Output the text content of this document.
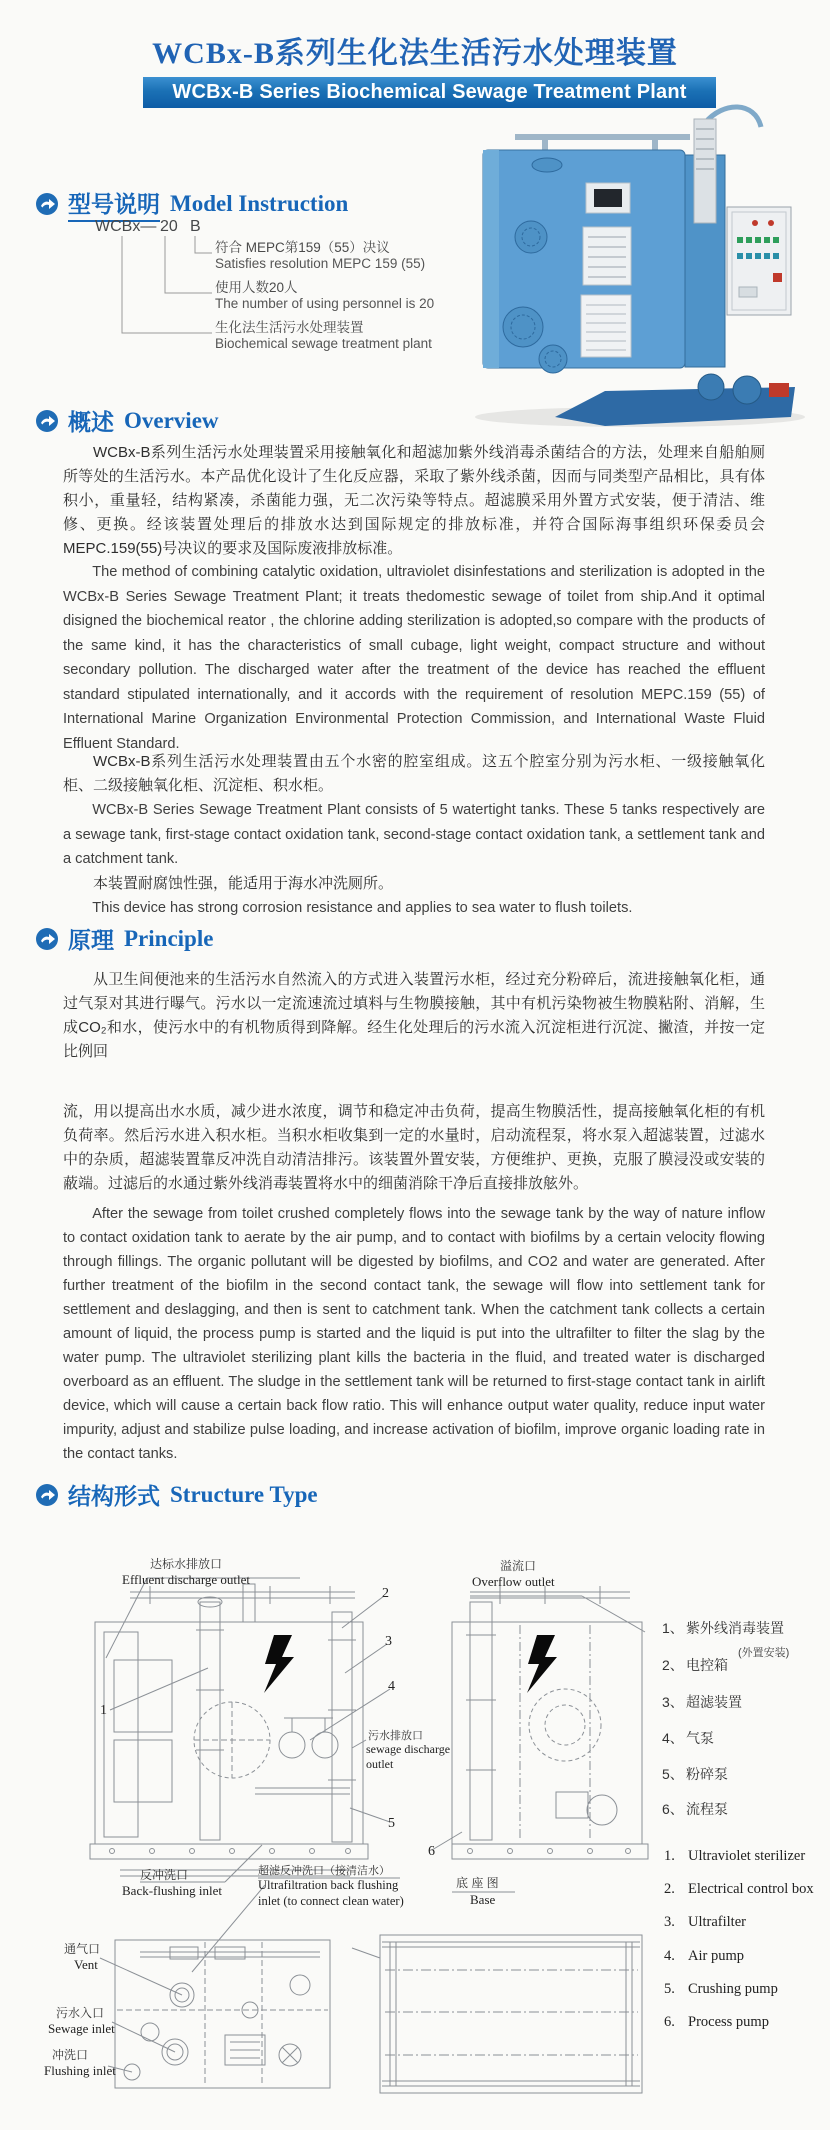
WCBx-B系列生化法生活污水处理装置
WCBx-B Series Biochemical Sewage Treatment Plant
型号说明 Model Instruction
WCBx— 20 B
符合 MEPC第159（55）决议
Satisfies resolution MEPC 159 (55)
使用人数20人
The number of using personnel is 20
生化法生活污水处理装置
Biochemical sewage treatment plant
概述 Overview

WCBx-B系列生活污水处理装置采用接触氧化和超滤加紫外线消毒杀菌结合的方法，处理来自船舶厕所等处的生活污水。本产品优化设计了生化反应器，采取了紫外线杀菌，因而与同类型产品相比，具有体积小，重量轻，结构紧凑，杀菌能力强，无二次污染等特点。超滤膜采用外置方式安装，便于清洁、维修、更换。经该装置处理后的排放水达到国际规定的排放标准，并符合国际海事组织环保委员会MEPC.159(55)号决议的要求及国际废液排放标准。

The method of combining catalytic oxidation, ultraviolet disinfestations and sterilization is adopted in the WCBx-B Series Sewage Treatment Plant; it treats thedomestic sewage of toilet from ship.And it optimal disigned the biochemical reator , the chlorine adding sterilization is adopted,so compare with the products of the same kind, it has the characteristics of small cubage, light weight, compact structure and without secondary pollution. The discharged water after the treatment of the device has reached the effluent standard stipulated internationally, and it accords with the requirement of resolution MEPC.159 (55) of International Marine Organization Environmental Protection Commission, and International Waste Fluid Effluent Standard.

WCBx-B系列生活污水处理装置由五个水密的腔室组成。这五个腔室分别为污水柜、一级接触氧化柜、二级接触氧化柜、沉淀柜、积水柜。

WCBx-B Series Sewage Treatment Plant consists of 5 watertight tanks. These 5 tanks respectively are a sewage tank, first-stage contact oxidation tank, second-stage contact oxidation tank, a settlement tank and a catchment tank.

本装置耐腐蚀性强，能适用于海水冲洗厕所。

This device has strong corrosion resistance and applies to sea water to flush toilets.

原理 Principle

从卫生间便池来的生活污水自然流入的方式进入装置污水柜，经过充分粉碎后，流进接触氧化柜，通过气泵对其进行曝气。污水以一定流速流过填料与生物膜接触，其中有机污染物被生物膜粘附、消解，生成CO₂和水，使污水中的有机物质得到降解。经生化处理后的污水流入沉淀柜进行沉淀、撇渣，并按一定比例回

流，用以提高出水水质，减少进水浓度，调节和稳定冲击负荷，提高生物膜活性，提高接触氧化柜的有机负荷率。然后污水进入积水柜。当积水柜收集到一定的水量时，启动流程泵，将水泵入超滤装置，过滤水中的杂质，超滤装置靠反冲洗自动清洁排污。该装置外置安装，方便维护、更换，克服了膜浸没或安装的蔽端。过滤后的水通过紫外线消毒装置将水中的细菌消除干净后直接排放舷外。

After the sewage from toilet crushed completely flows into the sewage tank by the way of nature inflow to contact oxidation tank to aerate by the air pump, and to contact with biofilms by a certain velocity flowing through fillings. The organic pollutant will be digested by biofilms, and CO2 and water are generated. After further treatment of the biofilm in the second contact tank, the sewage will flow into settlement tank for settlement and deslagging, and then is sent to catchment tank. When the catchment tank collects a certain amount of liquid, the process pump is started and the liquid is put into the ultrafilter to filter the slag by the water pump. The ultraviolet sterilizing plant kills the bacteria in the fluid, and treated water is discharged overboard as an effluent. The sludge in the settlement tank will be returned to first-stage contact tank in airlift device, which will cause a certain back flow ratio. This will enhance output water quality, reduce input water impurity, adjust and stabilize pulse loading, and increase activation of biofilm, improve organic loading rate in the contact tanks.

结构形式 Structure Type
达标水排放口
Effluent discharge outlet
溢流口
Overflow outlet
污水排放口
sewage discharge
outlet
反冲洗口
Back-flushing inlet
超滤反冲洗口（接清洁水）
Ultrafiltration back flushing
inlet (to connect clean water)
底 座 图
Base
通气口
Vent
污水入口
Sewage inlet
冲洗口
Flushing inlet
1
2
3
4
5
6
1、 紫外线消毒装置
(外置安装)
2、 电控箱
3、 超滤装置
4、 气泵
5、 粉碎泵
6、 流程泵
1. Ultraviolet sterilizer
2. Electrical control box
3. Ultrafilter
4. Air pump
5. Crushing pump
6. Process pump
